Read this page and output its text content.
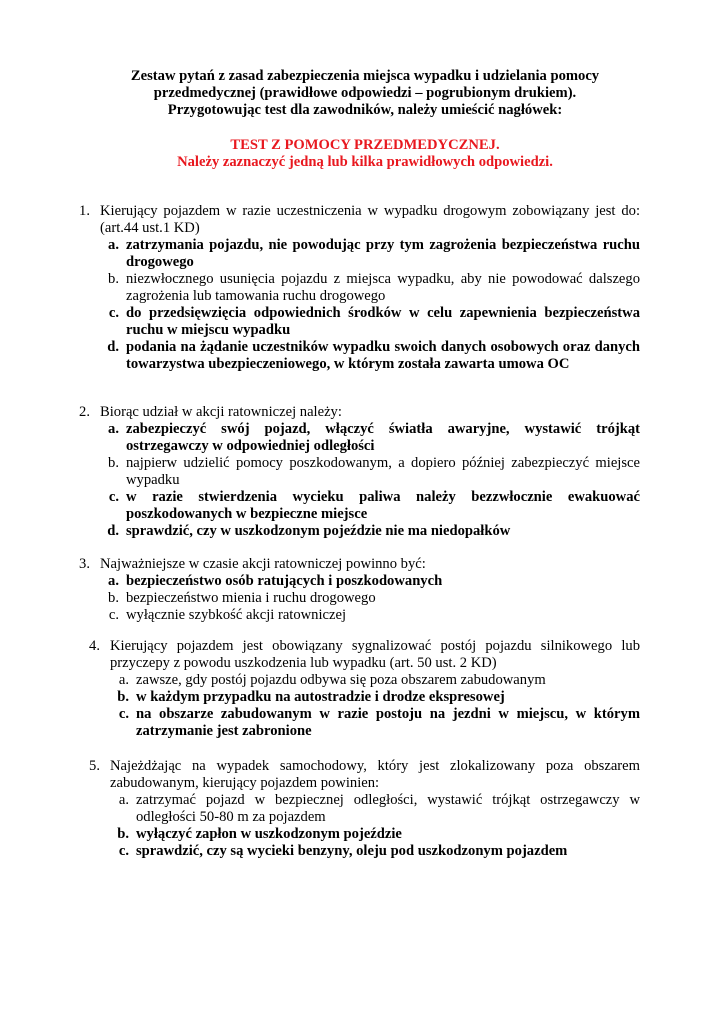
Zestaw pytań z zasad zabezpieczenia miejsca wypadku i udzielania pomocy

przedmedycznej (prawidłowe odpowiedzi – pogrubionym drukiem).

Przygotowując test dla zawodników, należy umieścić nagłówek:

TEST Z POMOCY PRZEDMEDYCZNEJ.

Należy zaznaczyć jedną lub kilka prawidłowych odpowiedzi.

1. Kierujący pojazdem w razie uczestniczenia w wypadku drogowym zobowiązany jest do: (art.44 ust.1 KD)
a. zatrzymania pojazdu, nie powodując przy tym zagrożenia bezpieczeństwa ruchu drogowego
b. niezwłocznego usunięcia pojazdu z miejsca wypadku, aby nie powodować dalszego zagrożenia lub tamowania ruchu drogowego
c. do przedsięwzięcia odpowiednich środków w celu zapewnienia bezpieczeństwa ruchu w miejscu wypadku
d. podania na żądanie uczestników wypadku swoich danych osobowych oraz danych towarzystwa ubezpieczeniowego, w którym została zawarta umowa OC
2. Biorąc udział w akcji ratowniczej należy:
a. zabezpieczyć swój pojazd, włączyć światła awaryjne, wystawić trójkąt ostrzegawczy w odpowiedniej odległości
b. najpierw udzielić pomocy poszkodowanym, a dopiero później zabezpieczyć miejsce wypadku
c. w razie stwierdzenia wycieku paliwa należy bezzwłocznie ewakuować poszkodowanych w bezpieczne miejsce
d. sprawdzić, czy w uszkodzonym pojeździe nie ma niedopałków
3. Najważniejsze w czasie akcji ratowniczej powinno być:
a. bezpieczeństwo osób ratujących i poszkodowanych
b. bezpieczeństwo mienia i ruchu drogowego
c. wyłącznie szybkość akcji ratowniczej
4. Kierujący pojazdem jest obowiązany sygnalizować postój pojazdu silnikowego lub przyczepy z powodu uszkodzenia lub wypadku (art. 50 ust. 2 KD)
a. zawsze, gdy postój pojazdu odbywa się poza obszarem zabudowanym
b. w każdym przypadku na autostradzie i drodze ekspresowej
c. na obszarze zabudowanym w razie postoju na jezdni w miejscu, w którym zatrzymanie jest zabronione
5. Najeżdżając na wypadek samochodowy, który jest zlokalizowany poza obszarem zabudowanym, kierujący pojazdem powinien:
a. zatrzymać pojazd w bezpiecznej odległości, wystawić trójkąt ostrzegawczy w odległości 50-80 m za pojazdem
b. wyłączyć zapłon w uszkodzonym pojeździe
c. sprawdzić, czy są wycieki benzyny, oleju pod uszkodzonym pojazdem
